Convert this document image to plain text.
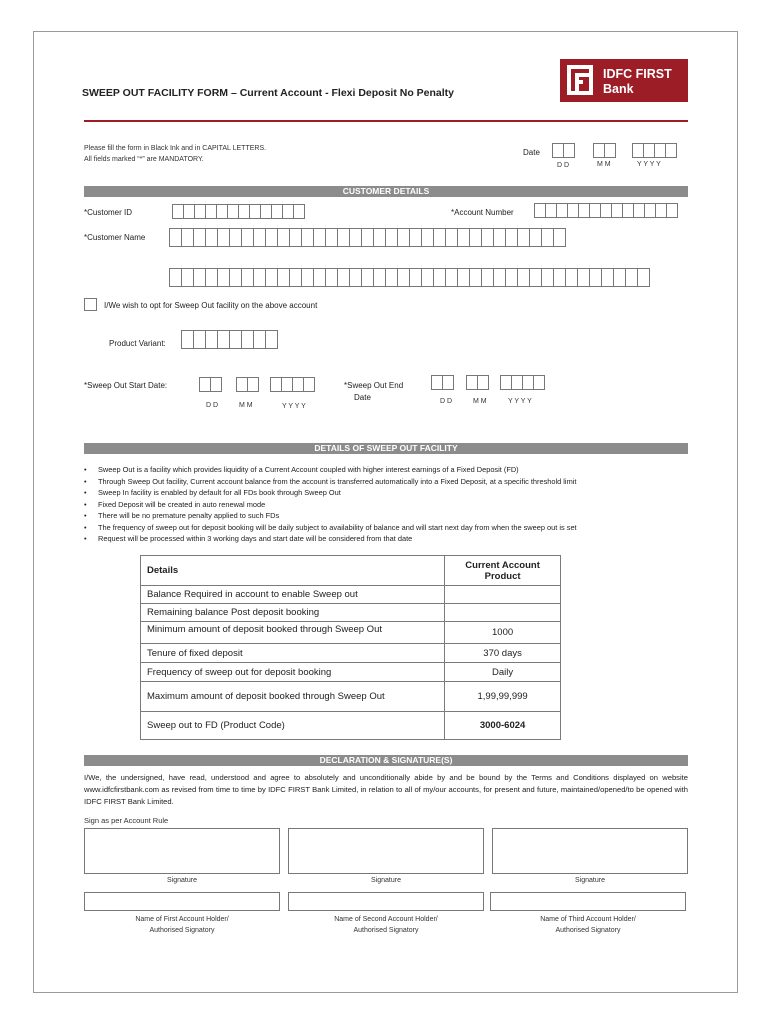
SWEEP OUT FACILITY FORM – Current Account - Flexi Deposit No Penalty
IDFC FIRST
Bank
Please fill the form in Black Ink and in CAPITAL LETTERS.
All fields marked “*” are MANDATORY.
Date
D D	M M	Y Y Y Y
CUSTOMER DETAILS
*Customer ID	*Account Number
*Customer Name
I/We wish to opt for Sweep Out facility on the above account
Product Variant:
*Sweep Out Start Date:
D D	M M	Y Y Y Y
*Sweep Out End
Date	D D	M M	Y Y Y Y
DETAILS OF SWEEP OUT FACILITY
• Sweep Out is a facility which provides liquidity of a Current Account coupled with higher interest earnings of a Fixed Deposit (FD)
• Through Sweep Out facility, Current account balance from the account is transferred automatically into a Fixed Deposit, at a specific threshold limit
• Sweep In facility is enabled by default for all FDs book through Sweep Out
• Fixed Deposit will be created in auto renewal mode
• There will be no premature penalty applied to such FDs
• The frequency of sweep out for deposit booking will be daily subject to availability of balance and will start next day from when the sweep out is set
• Request will be processed within 3 working days and start date will be considered from that date
Details	Current Account
Product

Balance Required in account to enable Sweep out	
Remaining balance Post deposit booking	
Minimum amount of deposit booked through Sweep Out	1000
Tenure of fixed deposit	370 days
Frequency of sweep out for deposit booking	Daily
Maximum amount of deposit booked through Sweep Out	1,99,99,999
Sweep out to FD (Product Code)	3000-6024
DECLARATION & SIGNATURE(S)
I/We, the undersigned, have read, understood and agree to absolutely and unconditionally abide by and be bound by the Terms and Conditions displayed on website www.idfcfirstbank.com as revised from time to time by IDFC FIRST Bank Limited, in relation to all of my/our accounts, for present and future, maintained/opened/to be opened with IDFC FIRST Bank Limited.
Sign as per Account Rule
Signature	Signature	Signature
Name of First Account Holder/
Authorised Signatory
Name of Second Account Holder/
Authorised Signatory
Name of Third Account Holder/
Authorised Signatory
